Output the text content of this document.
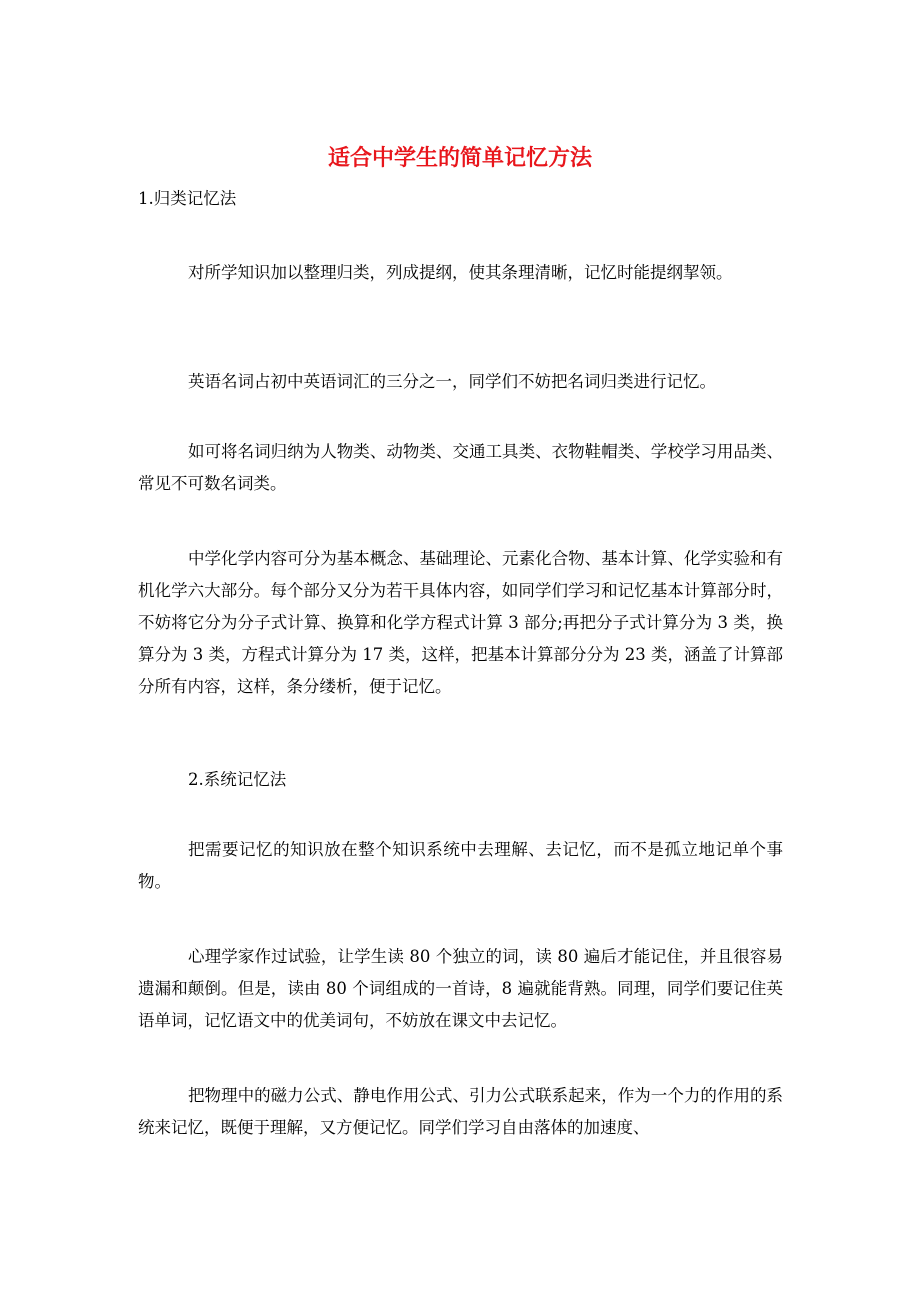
适合中学生的简单记忆方法

1.归类记忆法

对所学知识加以整理归类，列成提纲，使其条理清晰，记忆时能提纲挈领。

英语名词占初中英语词汇的三分之一，同学们不妨把名词归类进行记忆。

如可将名词归纳为人物类、动物类、交通工具类、衣物鞋帽类、学校学习用品类、常见不可数名词类。

中学化学内容可分为基本概念、基础理论、元素化合物、基本计算、化学实验和有机化学六大部分。每个部分又分为若干具体内容，如同学们学习和记忆基本计算部分时，不妨将它分为分子式计算、换算和化学方程式计算 3 部分;再把分子式计算分为 3 类，换算分为 3 类，方程式计算分为 17 类，这样，把基本计算部分分为 23 类，涵盖了计算部分所有内容，这样，条分缕析，便于记忆。

2.系统记忆法

把需要记忆的知识放在整个知识系统中去理解、去记忆，而不是孤立地记单个事物。

心理学家作过试验，让学生读 80 个独立的词，读 80 遍后才能记住，并且很容易遗漏和颠倒。但是，读由 80 个词组成的一首诗，8 遍就能背熟。同理，同学们要记住英语单词，记忆语文中的优美词句，不妨放在课文中去记忆。

把物理中的磁力公式、静电作用公式、引力公式联系起来，作为一个力的作用的系统来记忆，既便于理解，又方便记忆。同学们学习自由落体的加速度、
